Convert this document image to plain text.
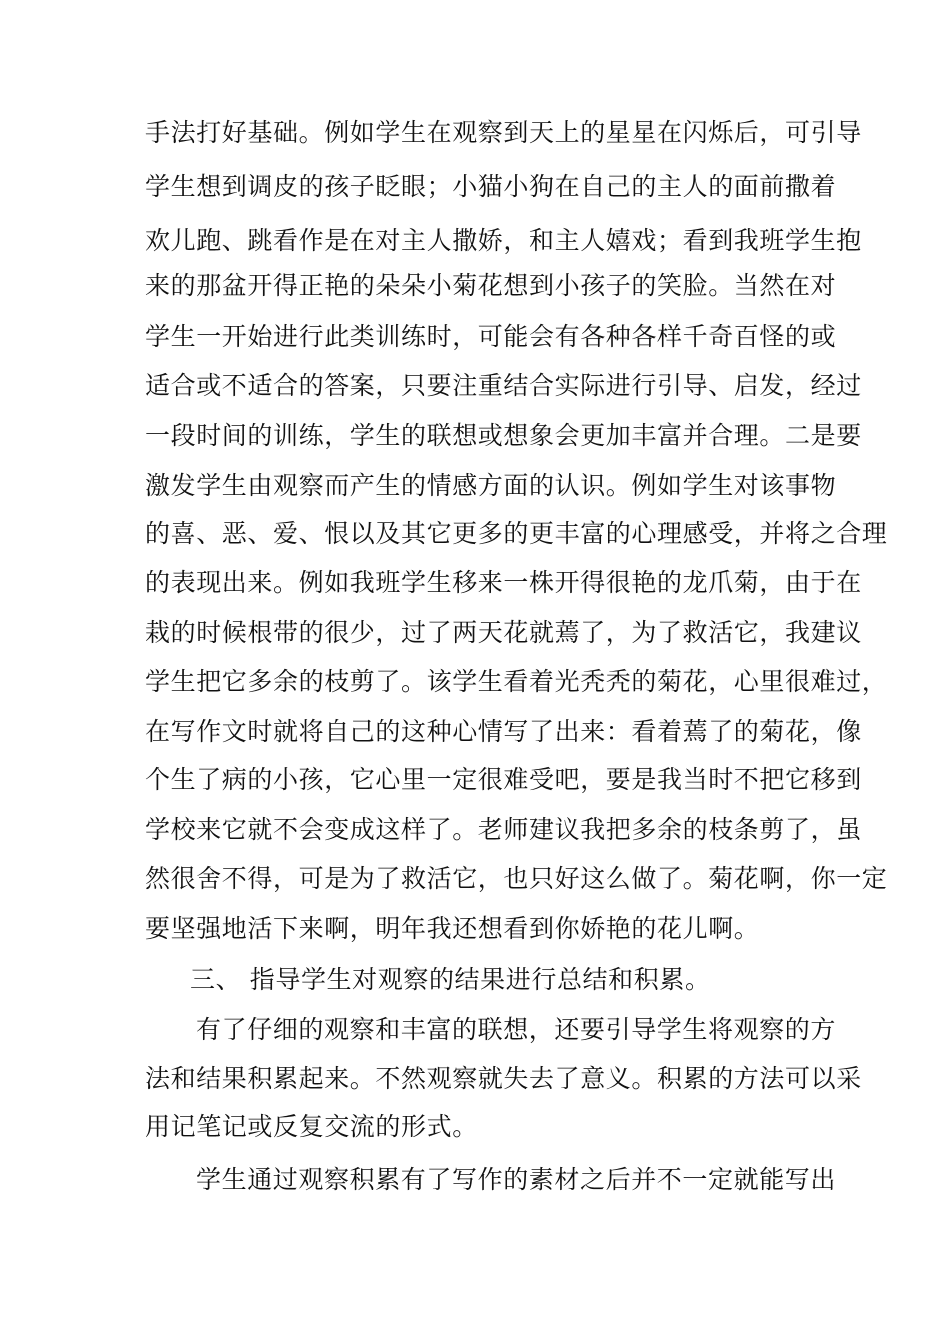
手法打好基础。例如学生在观察到天上的星星在闪烁后，可引导
学生想到调皮的孩子眨眼；小猫小狗在自己的主人的面前撒着
欢儿跑、跳看作是在对主人撒娇，和主人嬉戏；看到我班学生抱
来的那盆开得正艳的朵朵小菊花想到小孩子的笑脸。当然在对
学生一开始进行此类训练时，可能会有各种各样千奇百怪的或
适合或不适合的答案，只要注重结合实际进行引导、启发，经过
一段时间的训练，学生的联想或想象会更加丰富并合理。二是要
激发学生由观察而产生的情感方面的认识。例如学生对该事物
的喜、恶、爱、恨以及其它更多的更丰富的心理感受，并将之合理
的表现出来。例如我班学生移来一株开得很艳的龙爪菊，由于在
栽的时候根带的很少，过了两天花就蔫了，为了救活它，我建议
学生把它多余的枝剪了。该学生看着光秃秃的菊花，心里很难过，
在写作文时就将自己的这种心情写了出来：看着蔫了的菊花，像
个生了病的小孩，它心里一定很难受吧，要是我当时不把它移到
学校来它就不会变成这样了。老师建议我把多余的枝条剪了，虽
然很舍不得，可是为了救活它，也只好这么做了。菊花啊，你一定
要坚强地活下来啊，明年我还想看到你娇艳的花儿啊。
三、 指导学生对观察的结果进行总结和积累。
有了仔细的观察和丰富的联想，还要引导学生将观察的方
法和结果积累起来。不然观察就失去了意义。积累的方法可以采
用记笔记或反复交流的形式。
学生通过观察积累有了写作的素材之后并不一定就能写出
